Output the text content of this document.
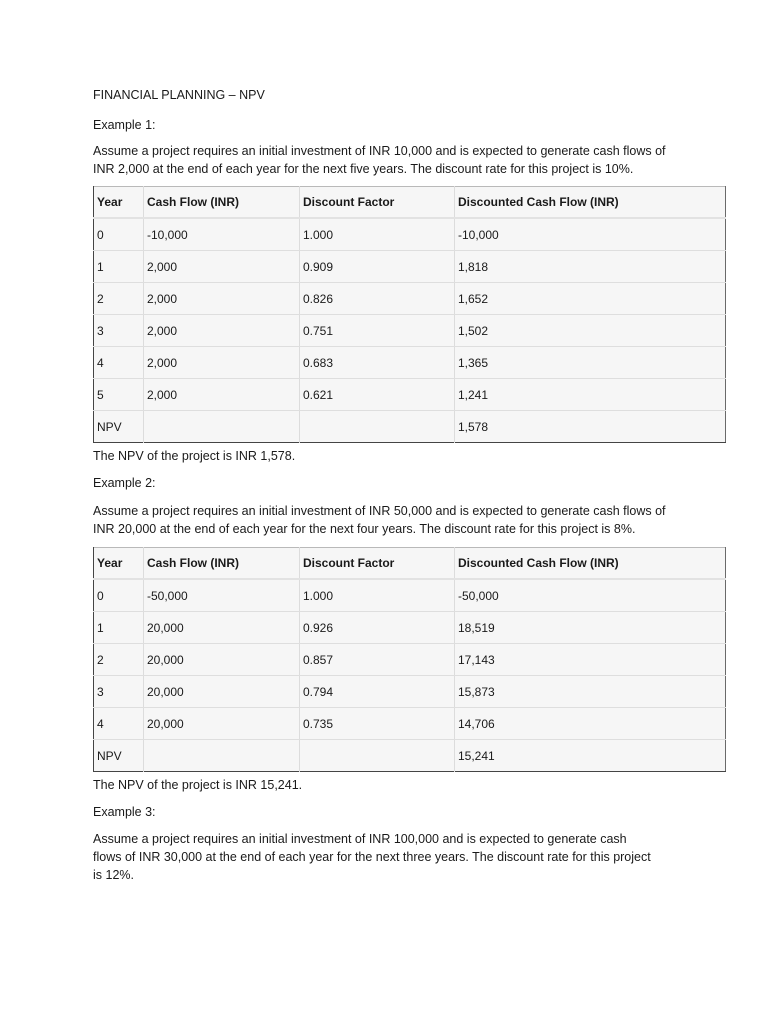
FINANCIAL PLANNING – NPV
Example 1:
Assume a project requires an initial investment of INR 10,000 and is expected to generate cash flows of INR 2,000 at the end of each year for the next five years. The discount rate for this project is 10%.
Year	Cash Flow (INR)	Discount Factor	Discounted Cash Flow (INR)
0	-10,000	1.000	-10,000
1	2,000	0.909	1,818
2	2,000	0.826	1,652
3	2,000	0.751	1,502
4	2,000	0.683	1,365
5	2,000	0.621	1,241
NPV			1,578
The NPV of the project is INR 1,578.
Example 2:
Assume a project requires an initial investment of INR 50,000 and is expected to generate cash flows of INR 20,000 at the end of each year for the next four years. The discount rate for this project is 8%.
Year	Cash Flow (INR)	Discount Factor	Discounted Cash Flow (INR)
0	-50,000	1.000	-50,000
1	20,000	0.926	18,519
2	20,000	0.857	17,143
3	20,000	0.794	15,873
4	20,000	0.735	14,706
NPV			15,241
The NPV of the project is INR 15,241.
Example 3:
Assume a project requires an initial investment of INR 100,000 and is expected to generate cash flows of INR 30,000 at the end of each year for the next three years. The discount rate for this project is 12%.
